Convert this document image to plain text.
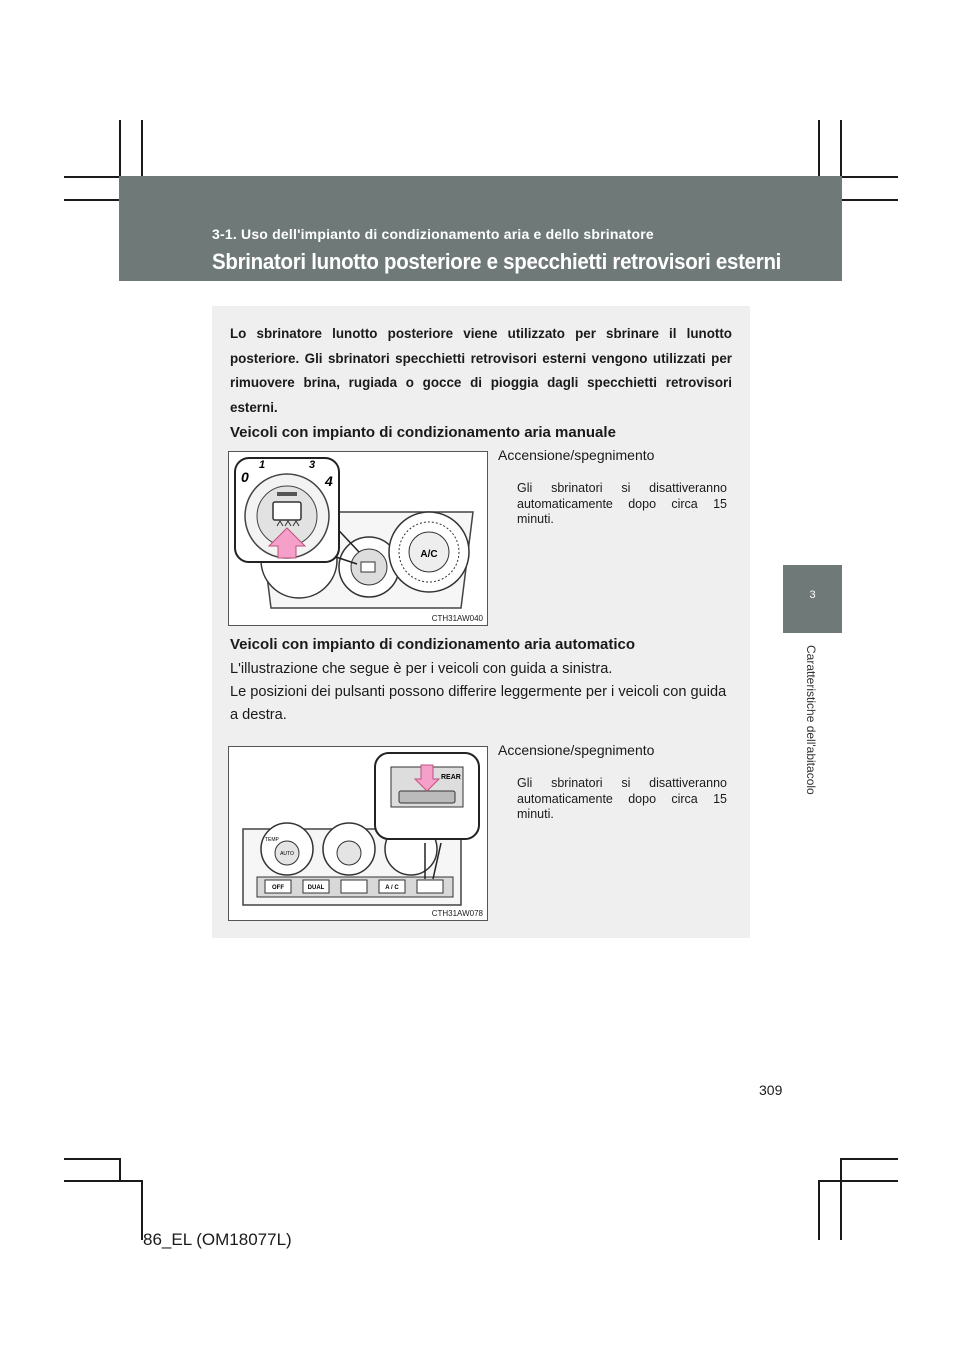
3-1. Uso dell'impianto di condizionamento aria e dello sbrinatore
Sbrinatori lunotto posteriore e specchietti retrovisori esterni
3
Caratteristiche dell'abitacolo
Lo sbrinatore lunotto posteriore viene utilizzato per sbrinare il lunotto posteriore. Gli sbrinatori specchietti retrovisori esterni vengono utilizzati per rimuovere brina, rugiada o gocce di pioggia dagli specchietti retrovisori esterni.
Veicoli con impianto di condizionamento aria manuale
A/C
0
1	3
4
CTH31AW040
Accensione/spegnimento
Gli sbrinatori si disattiveranno automaticamente dopo circa 15 minuti.
Veicoli con impianto di condizionamento aria automatico
L'illustrazione che segue è per i veicoli con guida a sinistra.
Le posizioni dei pulsanti possono differire leggermente per i veicoli con guida a destra.
TEMP
AUTO
OFF	DUAL	A / C
REAR
CTH31AW078
Accensione/spegnimento
Gli sbrinatori si disattiveranno automaticamente dopo circa 15 minuti.
309
86_EL (OM18077L)
